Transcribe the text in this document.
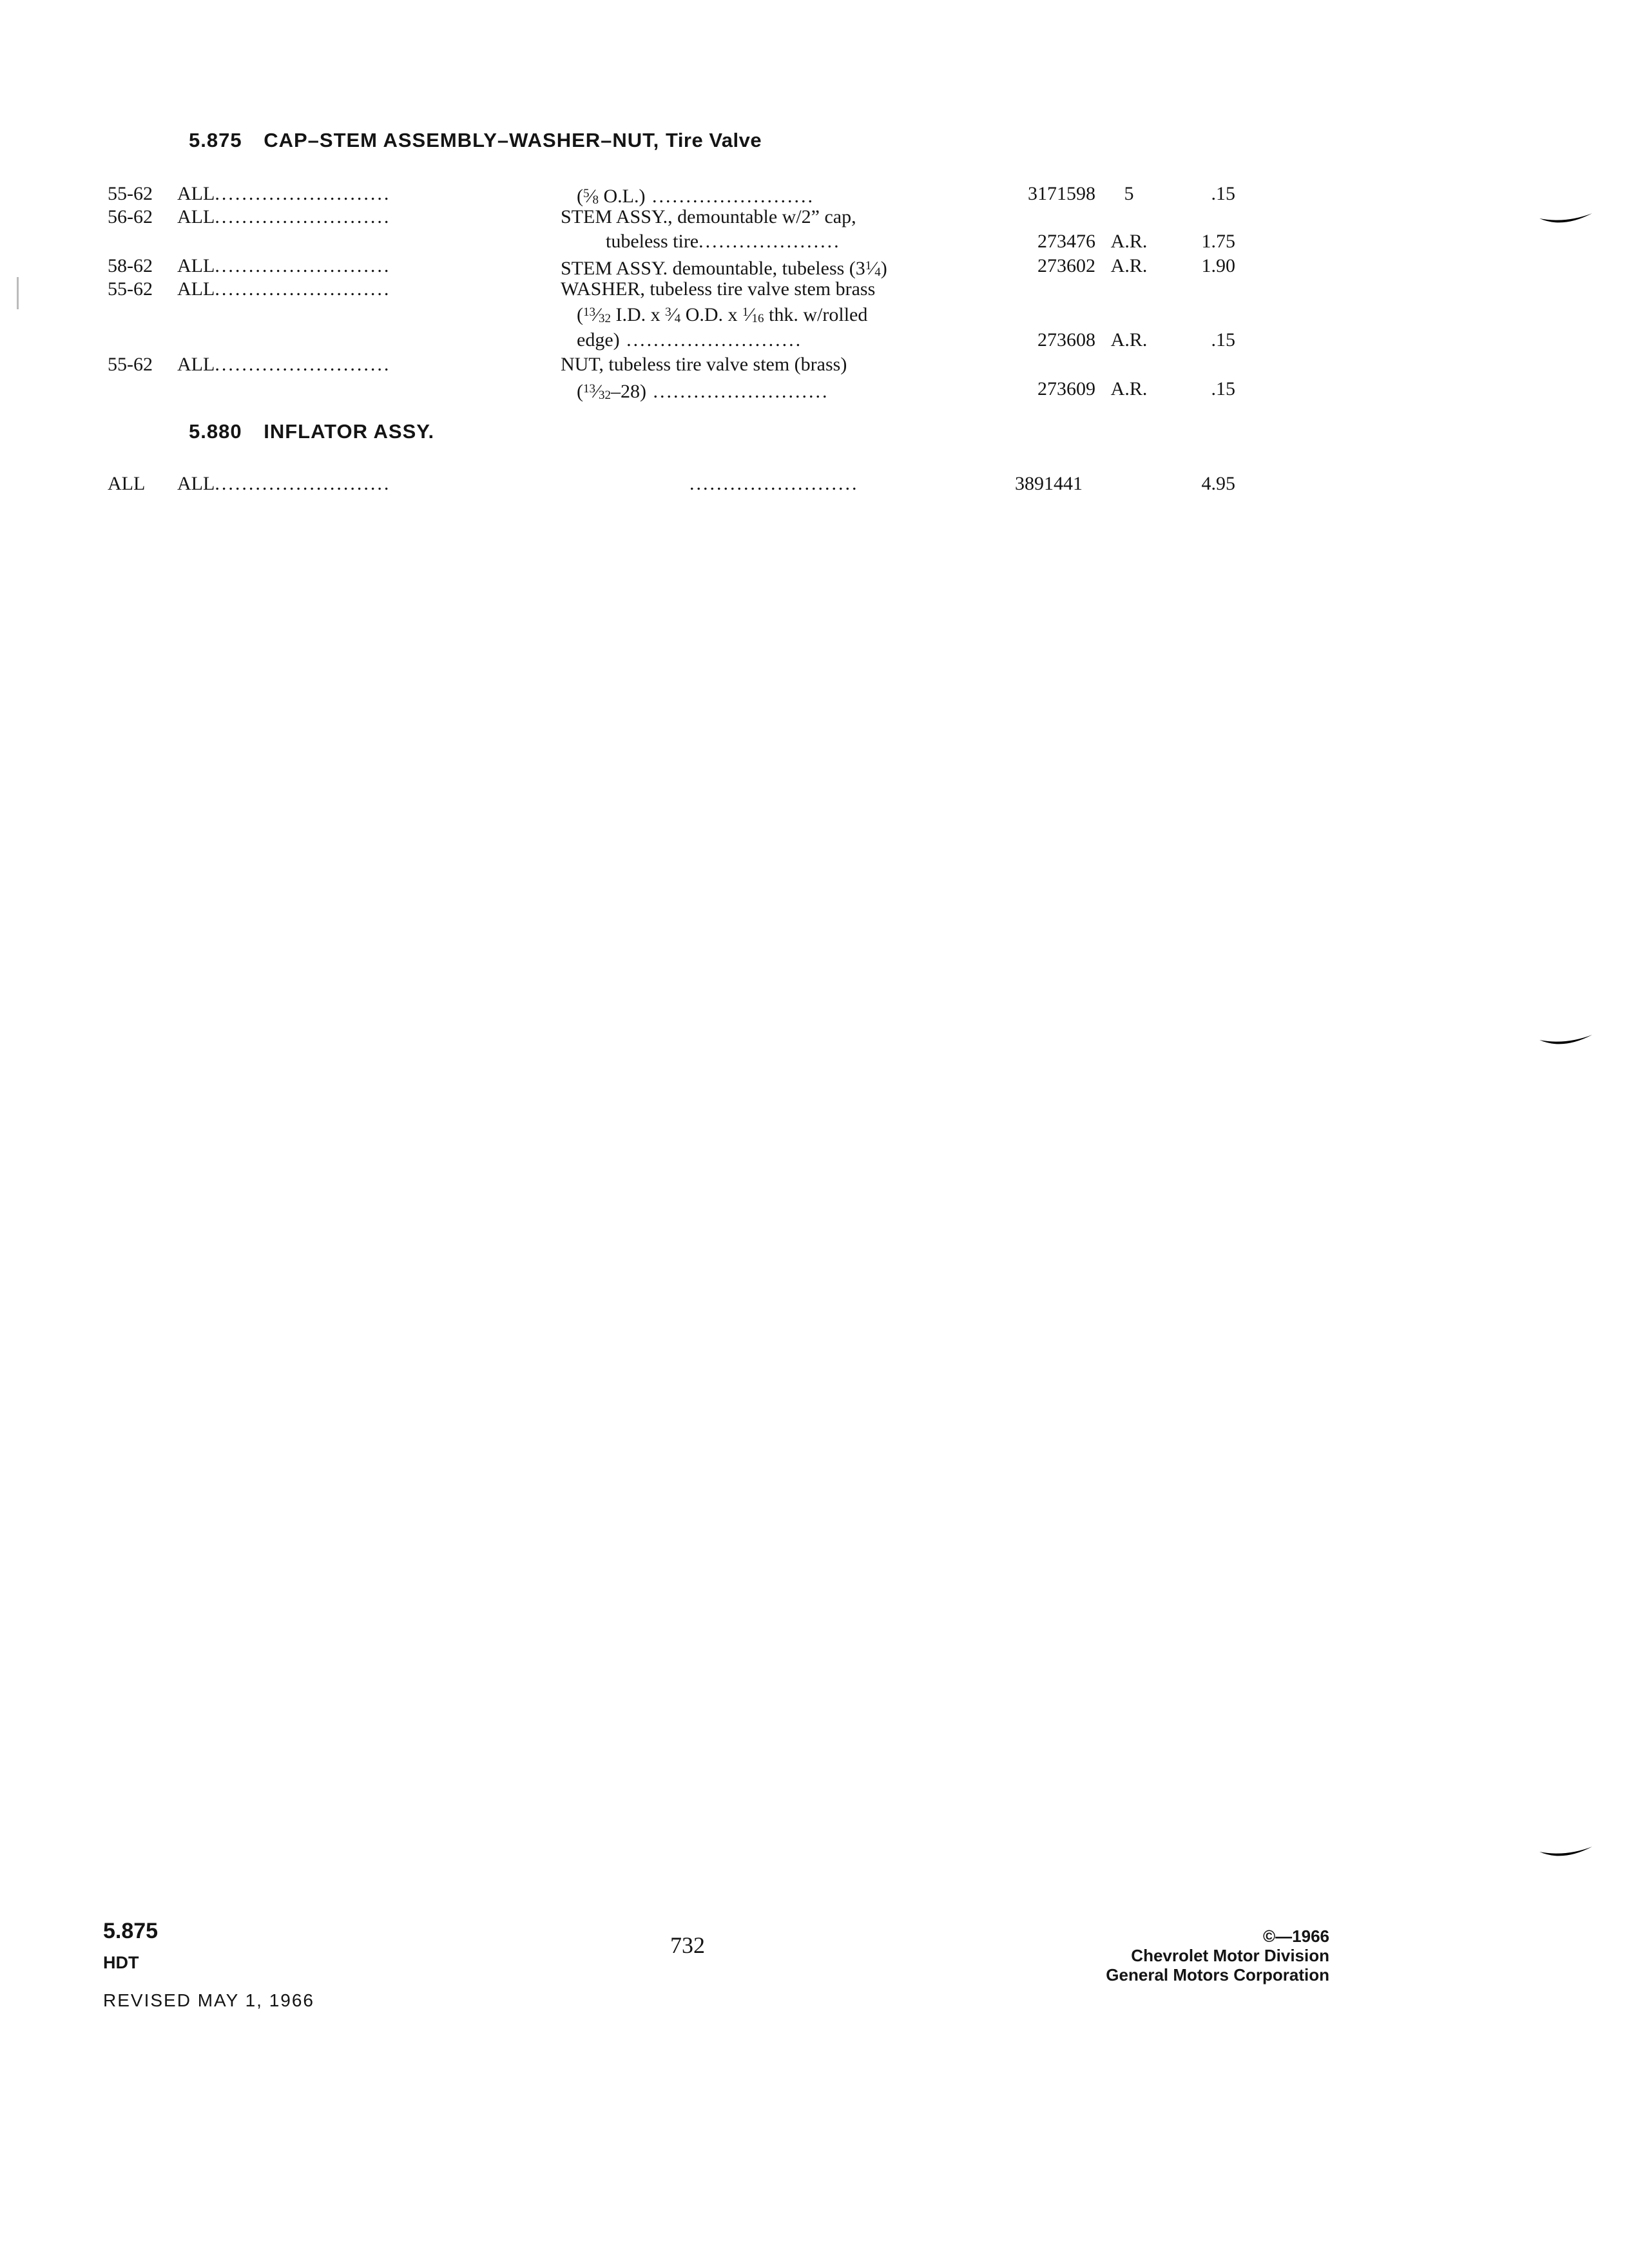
5.875 CAP–STEM ASSEMBLY–WASHER–NUT, Tire Valve
55-62 ALL..........................	($^5$⁄8 O.L.) ........................	3171598	5	.15
56-62 ALL..........................	STEM ASSY., demountable w/2” cap,
tubeless tire.....................	273476 A.R.	1.75
58-62 ALL..........................	STEM ASSY. demountable, tubeless $(3^1⁄4)$	273602 A.R.	1.90
55-62 ALL..........................	WASHER, tubeless tire valve stem brass
($^{13}$⁄32 I.D. x $^3$⁄4 O.D. x $^1$⁄16 thk. w/rolled
edge) ..........................	273608 A.R.	.15
55-62 ALL..........................	NUT, tubeless tire valve stem (brass)
($^{13}$⁄32–28) ..........................	273609 A.R.	.15
5.880 INFLATOR ASSY.
ALL ALL..........................	.........................	3891441	4.95
5.875
HDT
REVISED MAY 1, 1966
732	©—1966
Chevrolet Motor Division
General Motors Corporation
